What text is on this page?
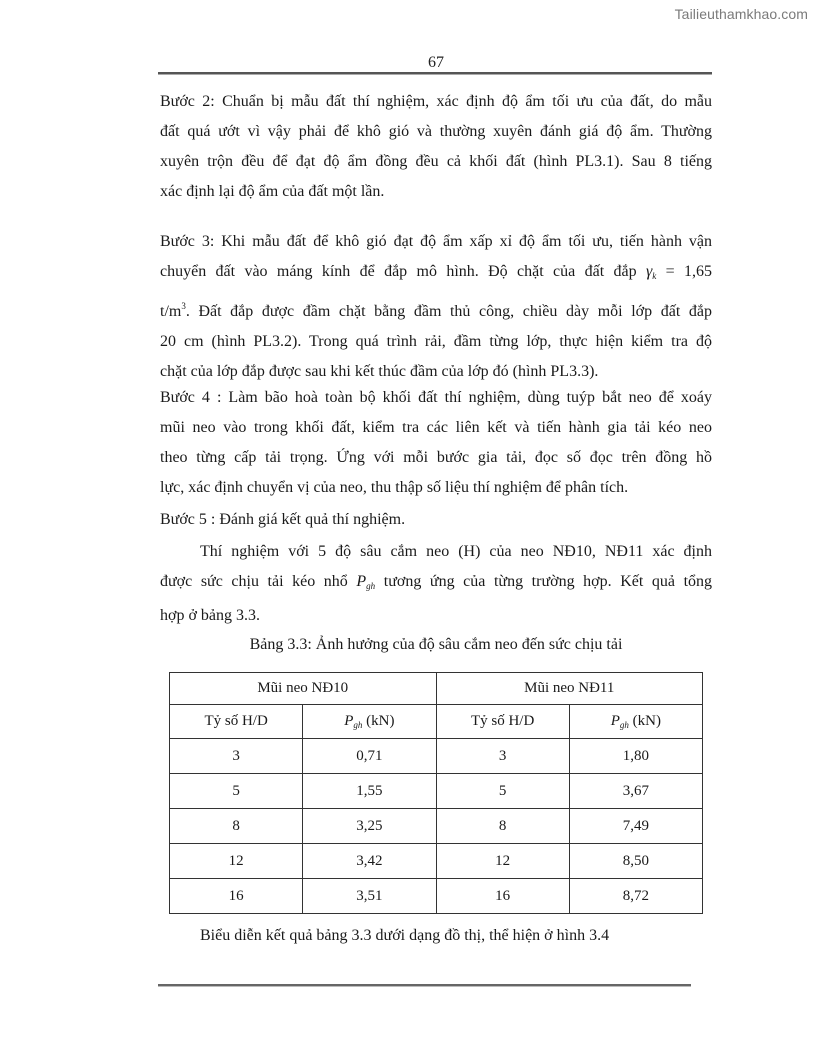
Tailieuthamkhao.com
67
Bước 2: Chuẩn bị mẫu đất thí nghiệm, xác định độ ẩm tối ưu của đất, do mẫu
đất quá ướt vì vậy phải để khô gió và thường xuyên đánh giá độ ẩm. Thường
xuyên trộn đều để đạt độ ẩm đồng đều cả khối đất (hình PL3.1). Sau 8 tiếng
xác định lại độ ẩm của đất một lần.
Bước 3: Khi mẫu đất để khô gió đạt độ ẩm xấp xỉ độ ẩm tối ưu, tiến hành vận
chuyển đất vào máng kính để đắp mô hình. Độ chặt của đất đắp $\gamma_k = 1,65$
$t/m^3$. Đất đắp được đầm chặt bằng đầm thủ công, chiều dày mỗi lớp đất đắp
20 cm (hình PL3.2). Trong quá trình rải, đầm từng lớp, thực hiện kiểm tra độ
chặt của lớp đắp được sau khi kết thúc đầm của lớp đó (hình PL3.3).
Bước 4 : Làm bão hoà toàn bộ khối đất thí nghiệm, dùng tuýp bắt neo để xoáy
mũi neo vào trong khối đất, kiểm tra các liên kết và tiến hành gia tải kéo neo
theo từng cấp tải trọng. Ứng với mỗi bước gia tải, đọc số đọc trên đồng hồ
lực, xác định chuyển vị của neo, thu thập số liệu thí nghiệm để phân tích.
Bước 5 : Đánh giá kết quả thí nghiệm.
Thí nghiệm với 5 độ sâu cắm neo (H) của neo NĐ10, NĐ11 xác định
được sức chịu tải kéo nhổ $P_{gh}$ tương ứng của từng trường hợp. Kết quả tổng
hợp ở bảng 3.3.
Bảng 3.3: Ảnh hưởng của độ sâu cắm neo đến sức chịu tải
Mũi neo NĐ10		Mũi neo NĐ11	
Tỷ số H/D	$P_{gh}$ (kN)	Tỷ số H/D	$P_{gh}$ (kN)
3	0,71	3	1,80
5	1,55	5	3,67
8	3,25	8	7,49
12	3,42	12	8,50
16	3,51	16	8,72
Biểu diễn kết quả bảng 3.3 dưới dạng đồ thị, thể hiện ở hình 3.4
